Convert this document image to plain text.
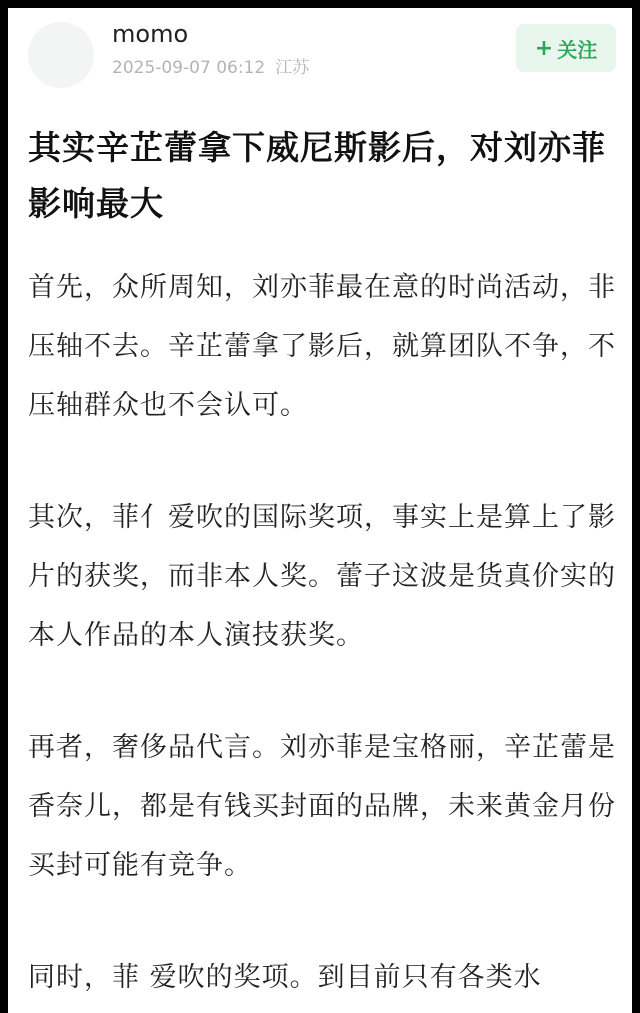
momo
2025-09-07 06:12 江苏
+ 关注
其实辛芷蕾拿下威尼斯影后，对刘亦菲影响最大

首先，众所周知，刘亦菲最在意的时尚活动，非压轴不去。辛芷蕾拿了影后，就算团队不争，不压轴群众也不会认可。

其次，菲亻爱吹的国际奖项，事实上是算上了影片的获奖，而非本人奖。蕾子这波是货真价实的本人作品的本人演技获奖。

再者，奢侈品代言。刘亦菲是宝格丽，辛芷蕾是香奈儿，都是有钱买封面的品牌，未来黄金月份买封可能有竞争。

同时，菲 爱吹的奖项。到目前只有各类水
